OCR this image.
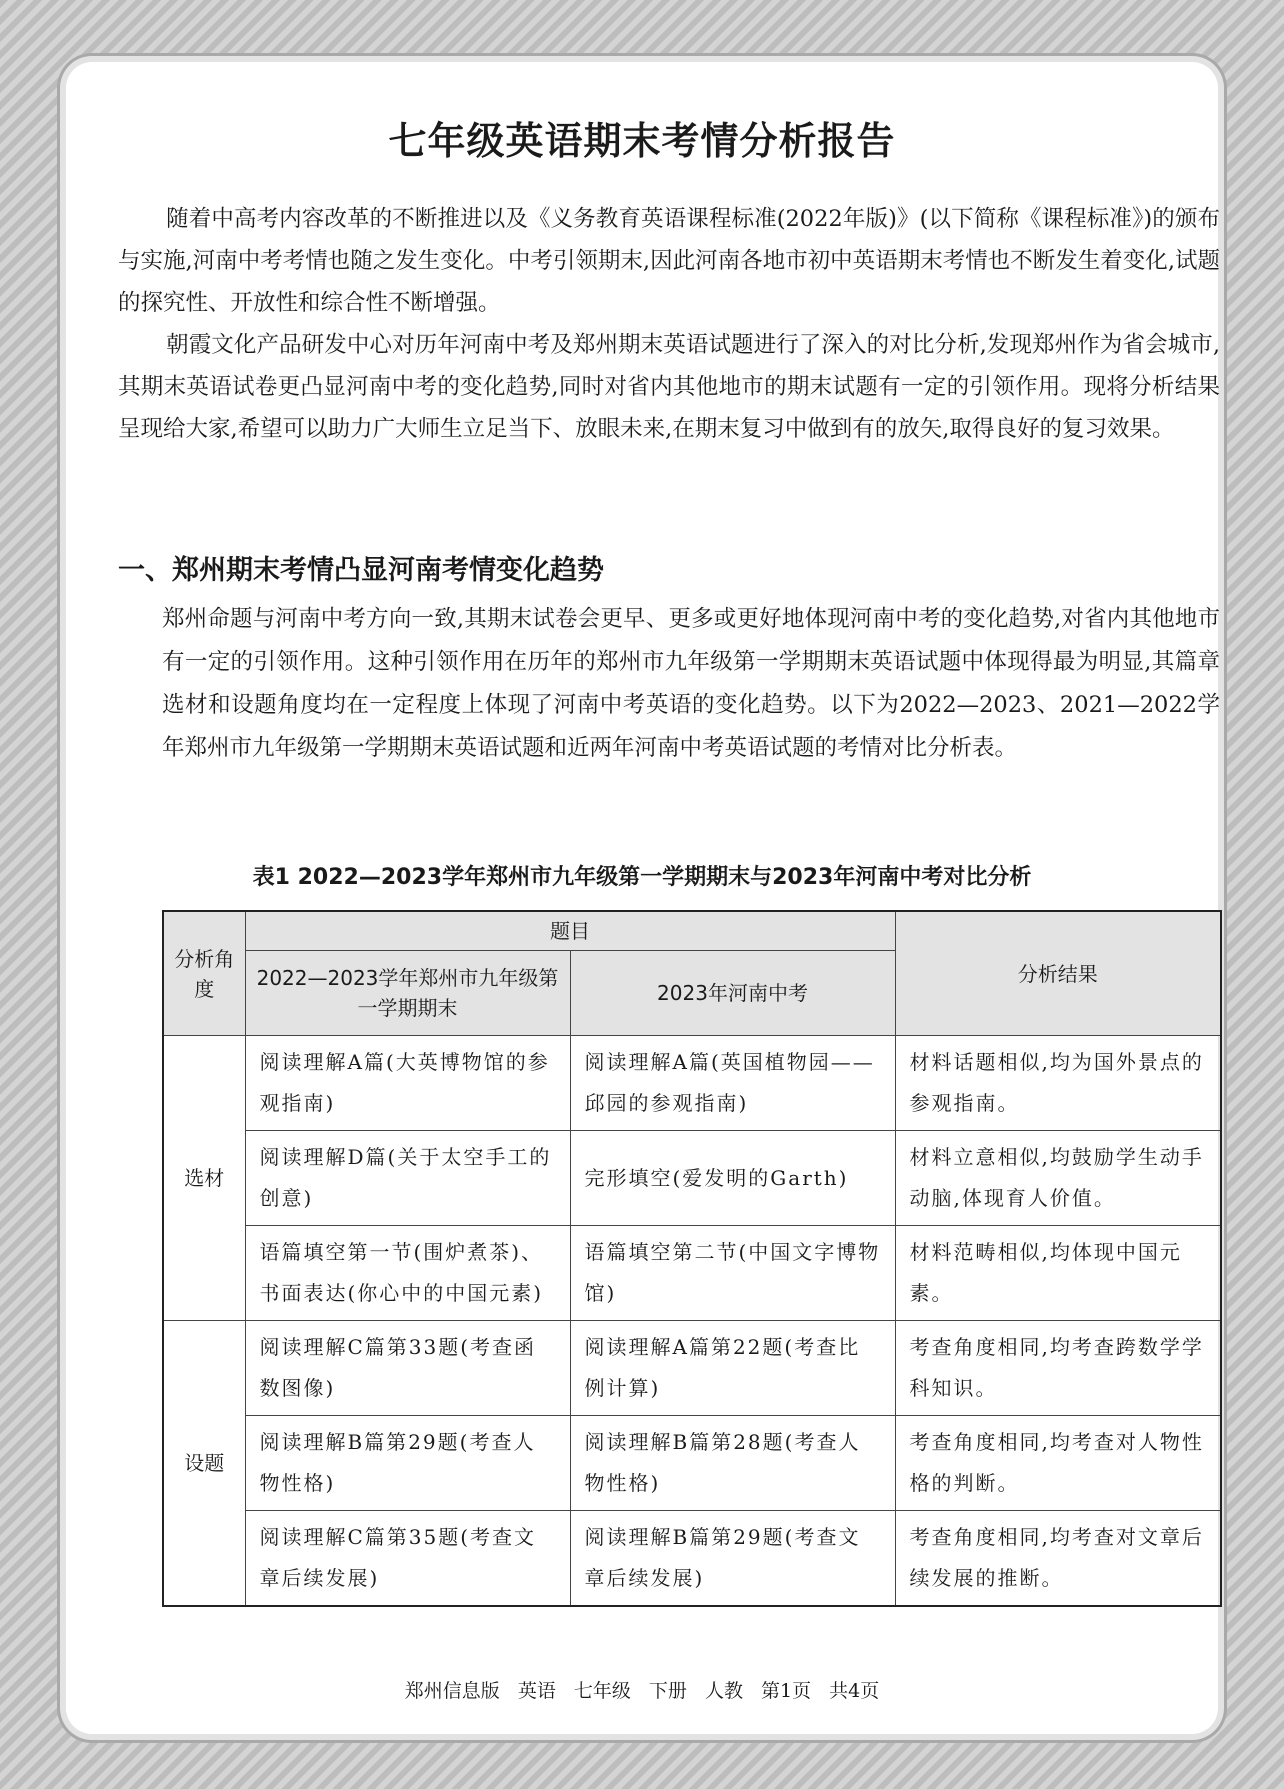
七年级英语期末考情分析报告
随着中高考内容改革的不断推进以及《义务教育英语课程标准(2022年版)》(以下简称《课程标准》)的颁布与实施,河南中考考情也随之发生变化。中考引领期末,因此河南各地市初中英语期末考情也不断发生着变化,试题的探究性、开放性和综合性不断增强。
朝霞文化产品研发中心对历年河南中考及郑州期末英语试题进行了深入的对比分析,发现郑州作为省会城市,其期末英语试卷更凸显河南中考的变化趋势,同时对省内其他地市的期末试题有一定的引领作用。现将分析结果呈现给大家,希望可以助力广大师生立足当下、放眼未来,在期末复习中做到有的放矢,取得良好的复习效果。
一、郑州期末考情凸显河南考情变化趋势
郑州命题与河南中考方向一致,其期末试卷会更早、更多或更好地体现河南中考的变化趋势,对省内其他地市有一定的引领作用。这种引领作用在历年的郑州市九年级第一学期期末英语试题中体现得最为明显,其篇章选材和设题角度均在一定程度上体现了河南中考英语的变化趋势。以下为2022—2023、2021—2022学年郑州市九年级第一学期期末英语试题和近两年河南中考英语试题的考情对比分析表。
表1 2022—2023学年郑州市九年级第一学期期末与2023年河南中考对比分析
分析角度	题目		分析结果
	2022—2023学年郑州市九年级第一学期期末	2023年河南中考	
选材	阅读理解A篇(大英博物馆的参观指南)	阅读理解A篇(英国植物园——邱园的参观指南)	材料话题相似,均为国外景点的参观指南。
	阅读理解D篇(关于太空手工的创意)	完形填空(爱发明的Garth)	材料立意相似,均鼓励学生动手动脑,体现育人价值。
	语篇填空第一节(围炉煮茶)、书面表达(你心中的中国元素)	语篇填空第二节(中国文字博物馆)	材料范畴相似,均体现中国元素。
设题	阅读理解C篇第33题(考查函数图像)	阅读理解A篇第22题(考查比例计算)	考查角度相同,均考查跨数学学科知识。
	阅读理解B篇第29题(考查人物性格)	阅读理解B篇第28题(考查人物性格)	考查角度相同,均考查对人物性格的判断。
	阅读理解C篇第35题(考查文章后续发展)	阅读理解B篇第29题(考查文章后续发展)	考查角度相同,均考查对文章后续发展的推断。
郑州信息版 英语 七年级 下册 人教 第1页 共4页
